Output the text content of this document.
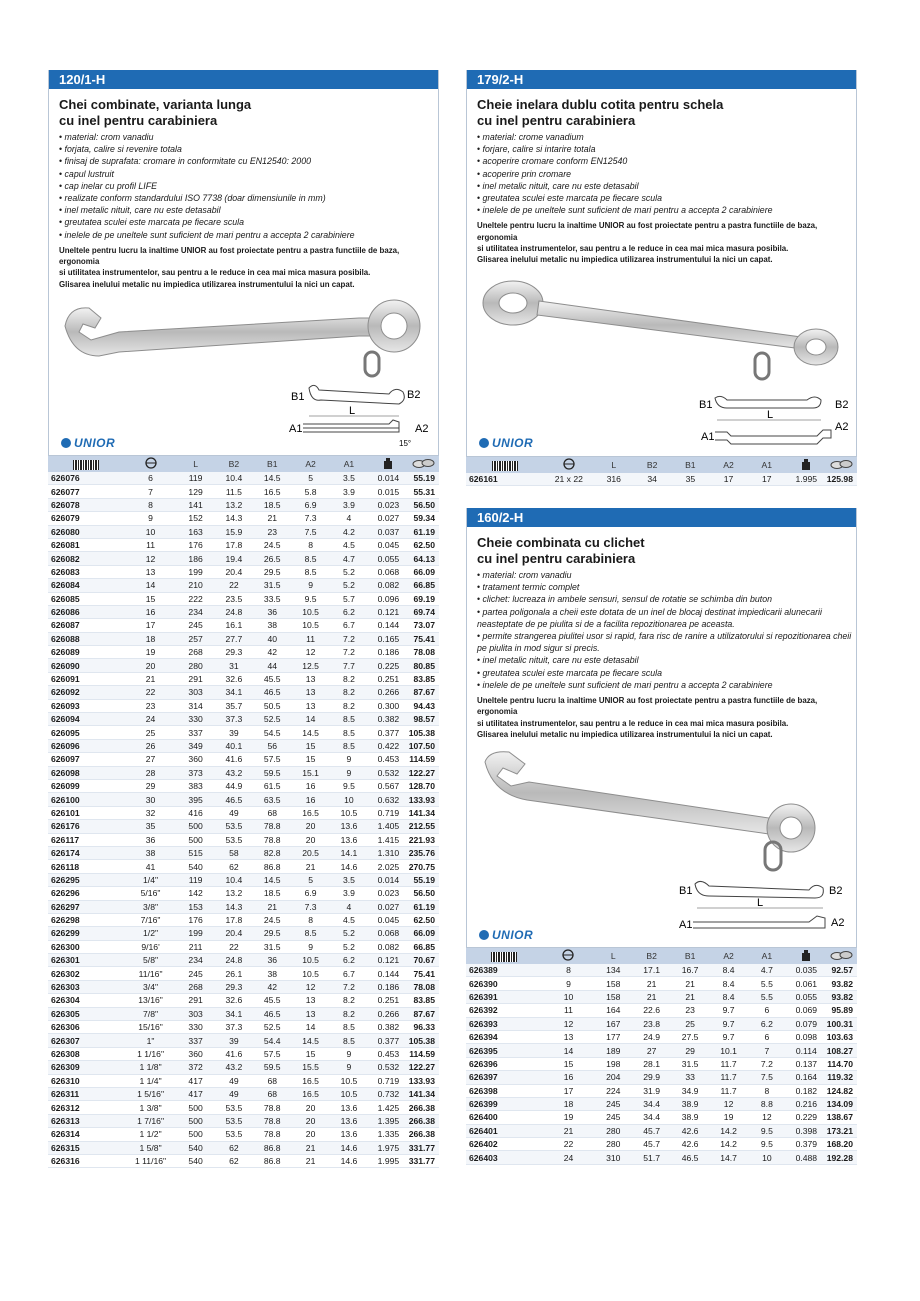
120/1-H
Chei combinate, varianta lunga
cu inel pentru carabiniera
• material: crom vanadiu
• forjata, calire si revenire totala
• finisaj de suprafata: cromare in conformitate cu EN12540: 2000
• capul lustruit
• cap inelar cu profil LIFE
• realizate conform standardului ISO 7738 (doar dimensiunile in mm)
• inel metalic nituit, care nu este detasabil
• greutatea sculei este marcata pe fiecare scula
• inelele de pe uneltele sunt suficient de mari pentru a accepta 2 carabiniere
Uneltele pentru lucru la inaltime UNIOR au fost proiectate pentru a pastra functiile de baza, ergonomia
si utilitatea instrumentelor, sau pentru a le reduce in cea mai mica masura posibila.
Glisarea inelului metalic nu impiedica utilizarea instrumentului la nici un capat.
B1	B2
L
A1	A2
15°
UNIOR
		L	B2	B1	A2	A1		
626076	6	119	10.4	14.5	5	3.5	0.014	55.19
626077	7	129	11.5	16.5	5.8	3.9	0.015	55.31
626078	8	141	13.2	18.5	6.9	3.9	0.023	56.50
626079	9	152	14.3	21	7.3	4	0.027	59.34
626080	10	163	15.9	23	7.5	4.2	0.037	61.19
626081	11	176	17.8	24.5	8	4.5	0.045	62.50
626082	12	186	19.4	26.5	8.5	4.7	0.055	64.13
626083	13	199	20.4	29.5	8.5	5.2	0.068	66.09
626084	14	210	22	31.5	9	5.2	0.082	66.85
626085	15	222	23.5	33.5	9.5	5.7	0.096	69.19
626086	16	234	24.8	36	10.5	6.2	0.121	69.74
626087	17	245	16.1	38	10.5	6.7	0.144	73.07
626088	18	257	27.7	40	11	7.2	0.165	75.41
626089	19	268	29.3	42	12	7.2	0.186	78.08
626090	20	280	31	44	12.5	7.7	0.225	80.85
626091	21	291	32.6	45.5	13	8.2	0.251	83.85
626092	22	303	34.1	46.5	13	8.2	0.266	87.67
626093	23	314	35.7	50.5	13	8.2	0.300	94.43
626094	24	330	37.3	52.5	14	8.5	0.382	98.57
626095	25	337	39	54.5	14.5	8.5	0.377	105.38
626096	26	349	40.1	56	15	8.5	0.422	107.50
626097	27	360	41.6	57.5	15	9	0.453	114.59
626098	28	373	43.2	59.5	15.1	9	0.532	122.27
626099	29	383	44.9	61.5	16	9.5	0.567	128.70
626100	30	395	46.5	63.5	16	10	0.632	133.93
626101	32	416	49	68	16.5	10.5	0.719	141.34
626176	35	500	53.5	78.8	20	13.6	1.405	212.55
626117	36	500	53.5	78.8	20	13.6	1.415	221.93
626174	38	515	58	82.8	20.5	14.1	1.310	235.76
626118	41	540	62	86.8	21	14.6	2.025	270.75
626295	1/4"	119	10.4	14.5	5	3.5	0.014	55.19
626296	5/16"	142	13.2	18.5	6.9	3.9	0.023	56.50
626297	3/8"	153	14.3	21	7.3	4	0.027	61.19
626298	7/16"	176	17.8	24.5	8	4.5	0.045	62.50
626299	1/2"	199	20.4	29.5	8.5	5.2	0.068	66.09
626300	9/16'	211	22	31.5	9	5.2	0.082	66.85
626301	5/8"	234	24.8	36	10.5	6.2	0.121	70.67
626302	11/16"	245	26.1	38	10.5	6.7	0.144	75.41
626303	3/4"	268	29.3	42	12	7.2	0.186	78.08
626304	13/16"	291	32.6	45.5	13	8.2	0.251	83.85
626305	7/8"	303	34.1	46.5	13	8.2	0.266	87.67
626306	15/16"	330	37.3	52.5	14	8.5	0.382	96.33
626307	1"	337	39	54.4	14.5	8.5	0.377	105.38
626308	1 1/16"	360	41.6	57.5	15	9	0.453	114.59
626309	1 1/8"	372	43.2	59.5	15.5	9	0.532	122.27
626310	1 1/4"	417	49	68	16.5	10.5	0.719	133.93
626311	1 5/16"	417	49	68	16.5	10.5	0.732	141.34
626312	1 3/8"	500	53.5	78.8	20	13.6	1.425	266.38
626313	1 7/16"	500	53.5	78.8	20	13.6	1.395	266.38
626314	1 1/2"	500	53.5	78.8	20	13.6	1.335	266.38
626315	1 5/8"	540	62	86.8	21	14.6	1.975	331.77
626316	1 11/16"	540	62	86.8	21	14.6	1.995	331.77
179/2-H
Cheie inelara dublu cotita pentru schela
cu inel pentru carabiniera
• material: crome vanadium
• forjare, calire si intarire totala
• acoperire cromare conform EN12540
• acoperire prin cromare
• inel metalic nituit, care nu este detasabil
• greutatea sculei este marcata pe fiecare scula
• inelele de pe uneltele sunt suficient de mari pentru a accepta 2 carabiniere
Uneltele pentru lucru la inaltime UNIOR au fost proiectate pentru a pastra functiile de baza, ergonomia
si utilitatea instrumentelor, sau pentru a le reduce in cea mai mica masura posibila.
Glisarea inelului metalic nu impiedica utilizarea instrumentului la nici un capat.
B1	B2
L
A1
A2
UNIOR
		L	B2	B1	A2	A1		
626161	21 x 22	316	34	35	17	17	1.995	125.98
160/2-H
Cheie combinata cu clichet
cu inel pentru carabiniera
• material: crom vanadiu
• tratament termic complet
• clichet: lucreaza in ambele sensuri, sensul de rotatie se schimba din buton
• partea poligonala a cheii este dotata de un inel de blocaj destinat impiedicarii alunecarii neasteptate de pe piulita si de a facilita repozitionarea pe aceasta.
• permite strangerea piulitei usor si rapid, fara risc de ranire a utilizatorului si repozitionarea cheii pe piulita in mod sigur si precis.
• inel metalic nituit, care nu este detasabil
• greutatea sculei este marcata pe fiecare scula
• inelele de pe uneltele sunt suficient de mari pentru a accepta 2 carabiniere
Uneltele pentru lucru la inaltime UNIOR au fost proiectate pentru a pastra functiile de baza, ergonomia
si utilitatea instrumentelor, sau pentru a le reduce in cea mai mica masura posibila.
Glisarea inelului metalic nu impiedica utilizarea instrumentului la nici un capat.
B1	B2
L
A1	A2
UNIOR
		L	B2	B1	A2	A1		
626389	8	134	17.1	16.7	8.4	4.7	0.035	92.57
626390	9	158	21	21	8.4	5.5	0.061	93.82
626391	10	158	21	21	8.4	5.5	0.055	93.82
626392	11	164	22.6	23	9.7	6	0.069	95.89
626393	12	167	23.8	25	9.7	6.2	0.079	100.31
626394	13	177	24.9	27.5	9.7	6	0.098	103.63
626395	14	189	27	29	10.1	7	0.114	108.27
626396	15	198	28.1	31.5	11.7	7.2	0.137	114.70
626397	16	204	29.9	33	11.7	7.5	0.164	119.32
626398	17	224	31.9	34.9	11.7	8	0.182	124.82
626399	18	245	34.4	38.9	12	8.8	0.216	134.09
626400	19	245	34.4	38.9	19	12	0.229	138.67
626401	21	280	45.7	42.6	14.2	9.5	0.398	173.21
626402	22	280	45.7	42.6	14.2	9.5	0.379	168.20
626403	24	310	51.7	46.5	14.7	10	0.488	192.28
